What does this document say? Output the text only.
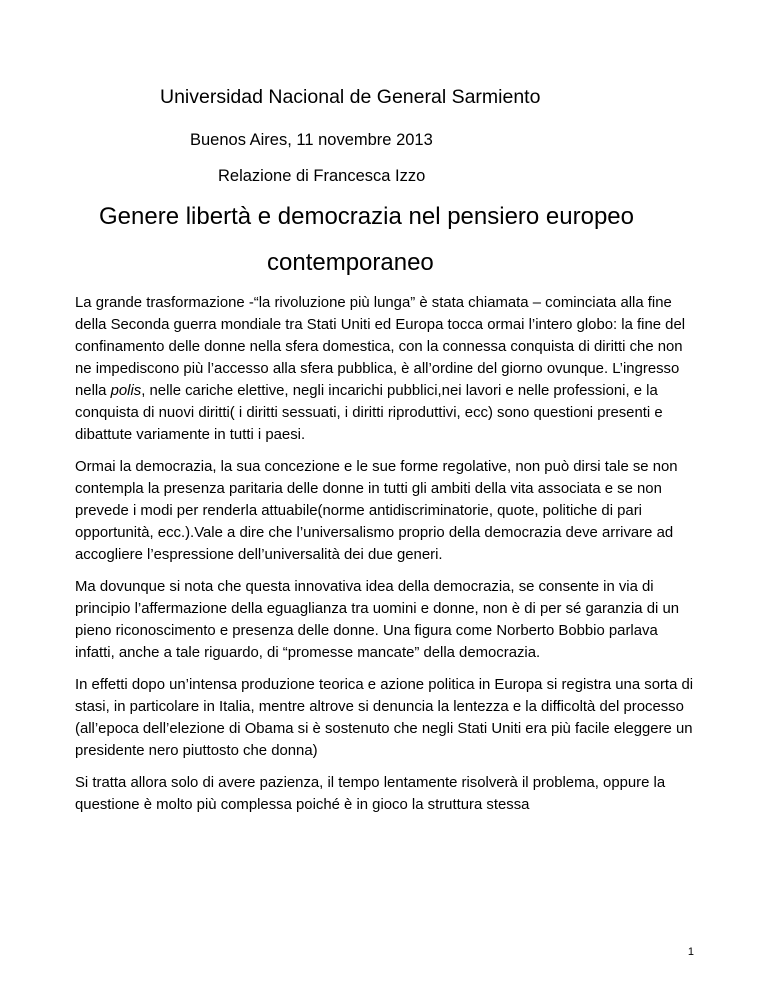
Universidad Nacional de General Sarmiento
Buenos Aires, 11 novembre 2013
Relazione di Francesca Izzo
Genere libertà e democrazia nel pensiero europeo
contemporaneo

La grande trasformazione -“la rivoluzione più lunga” è stata chiamata – cominciata alla fine della Seconda guerra mondiale tra Stati Uniti ed Europa tocca ormai l’intero globo: la fine del confinamento delle donne nella sfera domestica, con la connessa conquista di diritti che non ne impediscono più l’accesso alla sfera pubblica, è all’ordine del giorno ovunque. L’ingresso nella polis, nelle cariche elettive, negli incarichi pubblici,nei lavori e nelle professioni, e la conquista di nuovi diritti( i diritti sessuati, i diritti riproduttivi, ecc) sono questioni presenti e dibattute variamente in tutti i paesi.

Ormai la democrazia, la sua concezione e le sue forme regolative, non può dirsi tale se non contempla la presenza paritaria delle donne in tutti gli ambiti della vita associata e se non prevede i modi per renderla attuabile(norme antidiscriminatorie, quote, politiche di pari opportunità, ecc.).Vale a dire che l’universalismo proprio della democrazia deve arrivare ad accogliere l’espressione dell’universalità dei due generi.

Ma dovunque si nota che questa innovativa idea della democrazia, se consente in via di principio l’affermazione della eguaglianza tra uomini e donne, non è di per sé garanzia di un pieno riconoscimento e presenza delle donne. Una figura come Norberto Bobbio parlava infatti, anche a tale riguardo, di “promesse mancate” della democrazia.

In effetti dopo un’intensa produzione teorica e azione politica in Europa si registra una sorta di stasi, in particolare in Italia, mentre altrove si denuncia la lentezza e la difficoltà del processo (all’epoca dell’elezione di Obama si è sostenuto che negli Stati Uniti era più facile eleggere un presidente nero piuttosto che donna)

Si tratta allora solo di avere pazienza, il tempo lentamente risolverà il problema, oppure la questione è molto più complessa poiché è in gioco la struttura stessa

1
